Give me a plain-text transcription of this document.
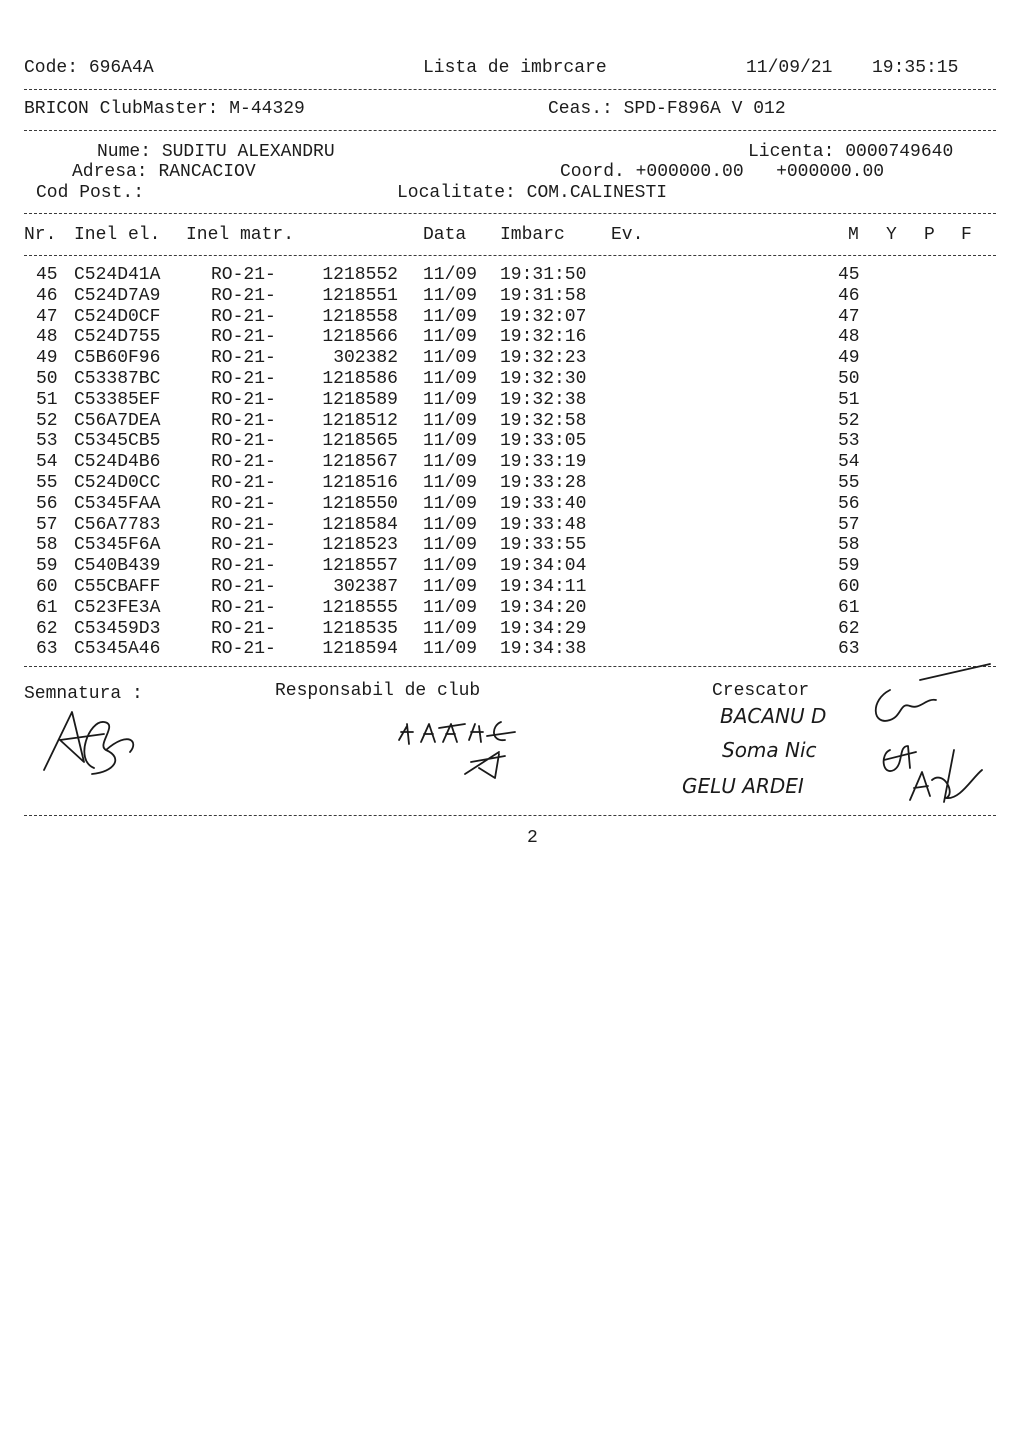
Code: 696A4A	Lista de imbrcare	11/09/21 19:35:15
BRICON ClubMaster: M-44329	Ceas.: SPD-F896A V 012
Nume: SUDITU ALEXANDRU	Licenta: 0000749640
Adresa: RANCACIOV	Coord. +000000.00 +000000.00
Cod Post.:	Localitate: COM.CALINESTI
Nr. Inel el. Inel matr.	Data Imbarc	Ev.	M Y P F
45 C524D41A	RO-21-	1218552 11/09 19:31:50	45
46 C524D7A9	RO-21-	1218551 11/09 19:31:58	46
47 C524D0CF	RO-21-	1218558 11/09 19:32:07	47
48 C524D755	RO-21-	1218566 11/09 19:32:16	48
49 C5B60F96	RO-21-	302382 11/09 19:32:23	49
50 C53387BC	RO-21-	1218586 11/09 19:32:30	50
51 C53385EF	RO-21-	1218589 11/09 19:32:38	51
52 C56A7DEA	RO-21-	1218512 11/09 19:32:58	52
53 C5345CB5	RO-21-	1218565 11/09 19:33:05	53
54 C524D4B6	RO-21-	1218567 11/09 19:33:19	54
55 C524D0CC	RO-21-	1218516 11/09 19:33:28	55
56 C5345FAA	RO-21-	1218550 11/09 19:33:40	56
57 C56A7783	RO-21-	1218584 11/09 19:33:48	57
58 C5345F6A	RO-21-	1218523 11/09 19:33:55	58
59 C540B439	RO-21-	1218557 11/09 19:34:04	59
60 C55CBAFF	RO-21-	302387 11/09 19:34:11	60
61 C523FE3A	RO-21-	1218555 11/09 19:34:20	61
62 C53459D3	RO-21-	1218535 11/09 19:34:29	62
63 C5345A46	RO-21-	1218594 11/09 19:34:38	63
Semnatura :	Responsabil de club	Crescator
BACANU D
Soma Nic
GELU ARDEI
2
